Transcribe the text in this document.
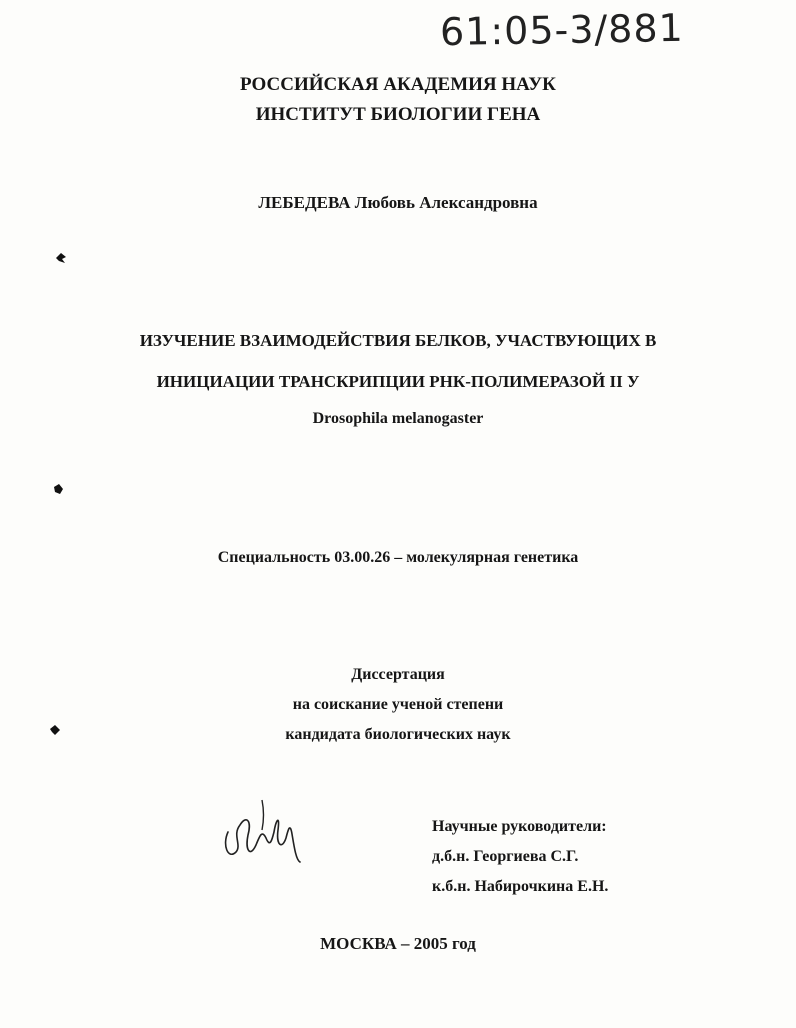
61:05-3/881
РОССИЙСКАЯ АКАДЕМИЯ НАУК
ИНСТИТУТ БИОЛОГИИ ГЕНА
ЛЕБЕДЕВА Любовь Александровна
ИЗУЧЕНИЕ ВЗАИМОДЕЙСТВИЯ БЕЛКОВ, УЧАСТВУЮЩИХ В
ИНИЦИАЦИИ ТРАНСКРИПЦИИ РНК-ПОЛИМЕРАЗОЙ II У
Drosophila melanogaster
Специальность 03.00.26 – молекулярная генетика
Диссертация
на соискание ученой степени
кандидата биологических наук
Научные руководители:
д.б.н. Георгиева С.Г.
к.б.н. Набирочкина Е.Н.
МОСКВА – 2005 год
